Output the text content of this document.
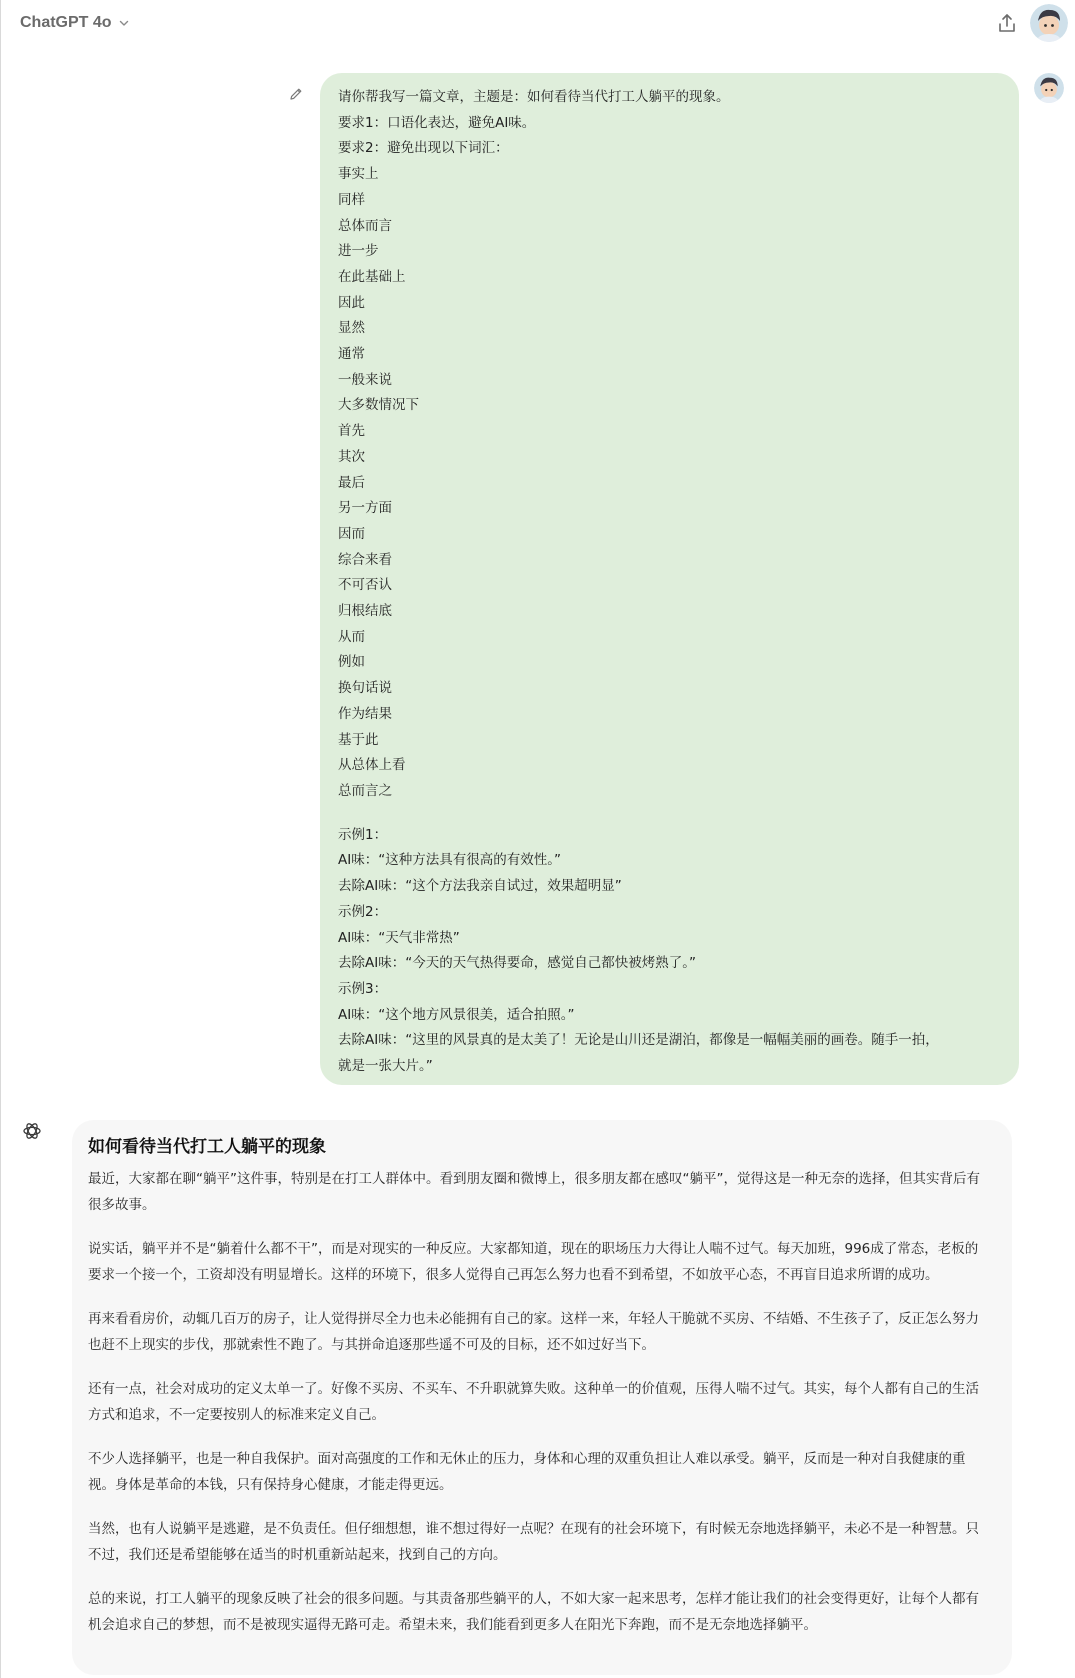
ChatGPT 4o
请你帮我写一篇文章，主题是：如何看待当代打工人躺平的现象。
要求1：口语化表达，避免AI味。
要求2：避免出现以下词汇：
事实上
同样
总体而言
进一步
在此基础上
因此
显然
通常
一般来说
大多数情况下
首先
其次
最后
另一方面
因而
综合来看
不可否认
归根结底
从而
例如
换句话说
作为结果
基于此
从总体上看
总而言之
示例1：
AI味：“这种方法具有很高的有效性。”
去除AI味：“这个方法我亲自试过，效果超明显”
示例2：
AI味：“天气非常热”
去除AI味：“今天的天气热得要命，感觉自己都快被烤熟了。”
示例3：
AI味：“这个地方风景很美，适合拍照。”
去除AI味：“这里的风景真的是太美了！无论是山川还是湖泊，都像是一幅幅美丽的画卷。随手一拍，
就是一张大片。”
如何看待当代打工人躺平的现象

最近，大家都在聊“躺平”这件事，特别是在打工人群体中。看到朋友圈和微博上，很多朋友都在感叹“躺平”，觉得这是一种无奈的选择，但其实背后有很多故事。

说实话，躺平并不是“躺着什么都不干”，而是对现实的一种反应。大家都知道，现在的职场压力大得让人喘不过气。每天加班，996成了常态，老板的要求一个接一个，工资却没有明显增长。这样的环境下，很多人觉得自己再怎么努力也看不到希望，不如放平心态，不再盲目追求所谓的成功。

再来看看房价，动辄几百万的房子，让人觉得拼尽全力也未必能拥有自己的家。这样一来，年轻人干脆就不买房、不结婚、不生孩子了，反正怎么努力也赶不上现实的步伐，那就索性不跑了。与其拼命追逐那些遥不可及的目标，还不如过好当下。

还有一点，社会对成功的定义太单一了。好像不买房、不买车、不升职就算失败。这种单一的价值观，压得人喘不过气。其实，每个人都有自己的生活方式和追求，不一定要按别人的标准来定义自己。

不少人选择躺平，也是一种自我保护。面对高强度的工作和无休止的压力，身体和心理的双重负担让人难以承受。躺平，反而是一种对自我健康的重视。身体是革命的本钱，只有保持身心健康，才能走得更远。

当然，也有人说躺平是逃避，是不负责任。但仔细想想，谁不想过得好一点呢？在现有的社会环境下，有时候无奈地选择躺平，未必不是一种智慧。只不过，我们还是希望能够在适当的时机重新站起来，找到自己的方向。

总的来说，打工人躺平的现象反映了社会的很多问题。与其责备那些躺平的人，不如大家一起来思考，怎样才能让我们的社会变得更好，让每个人都有机会追求自己的梦想，而不是被现实逼得无路可走。希望未来，我们能看到更多人在阳光下奔跑，而不是无奈地选择躺平。
